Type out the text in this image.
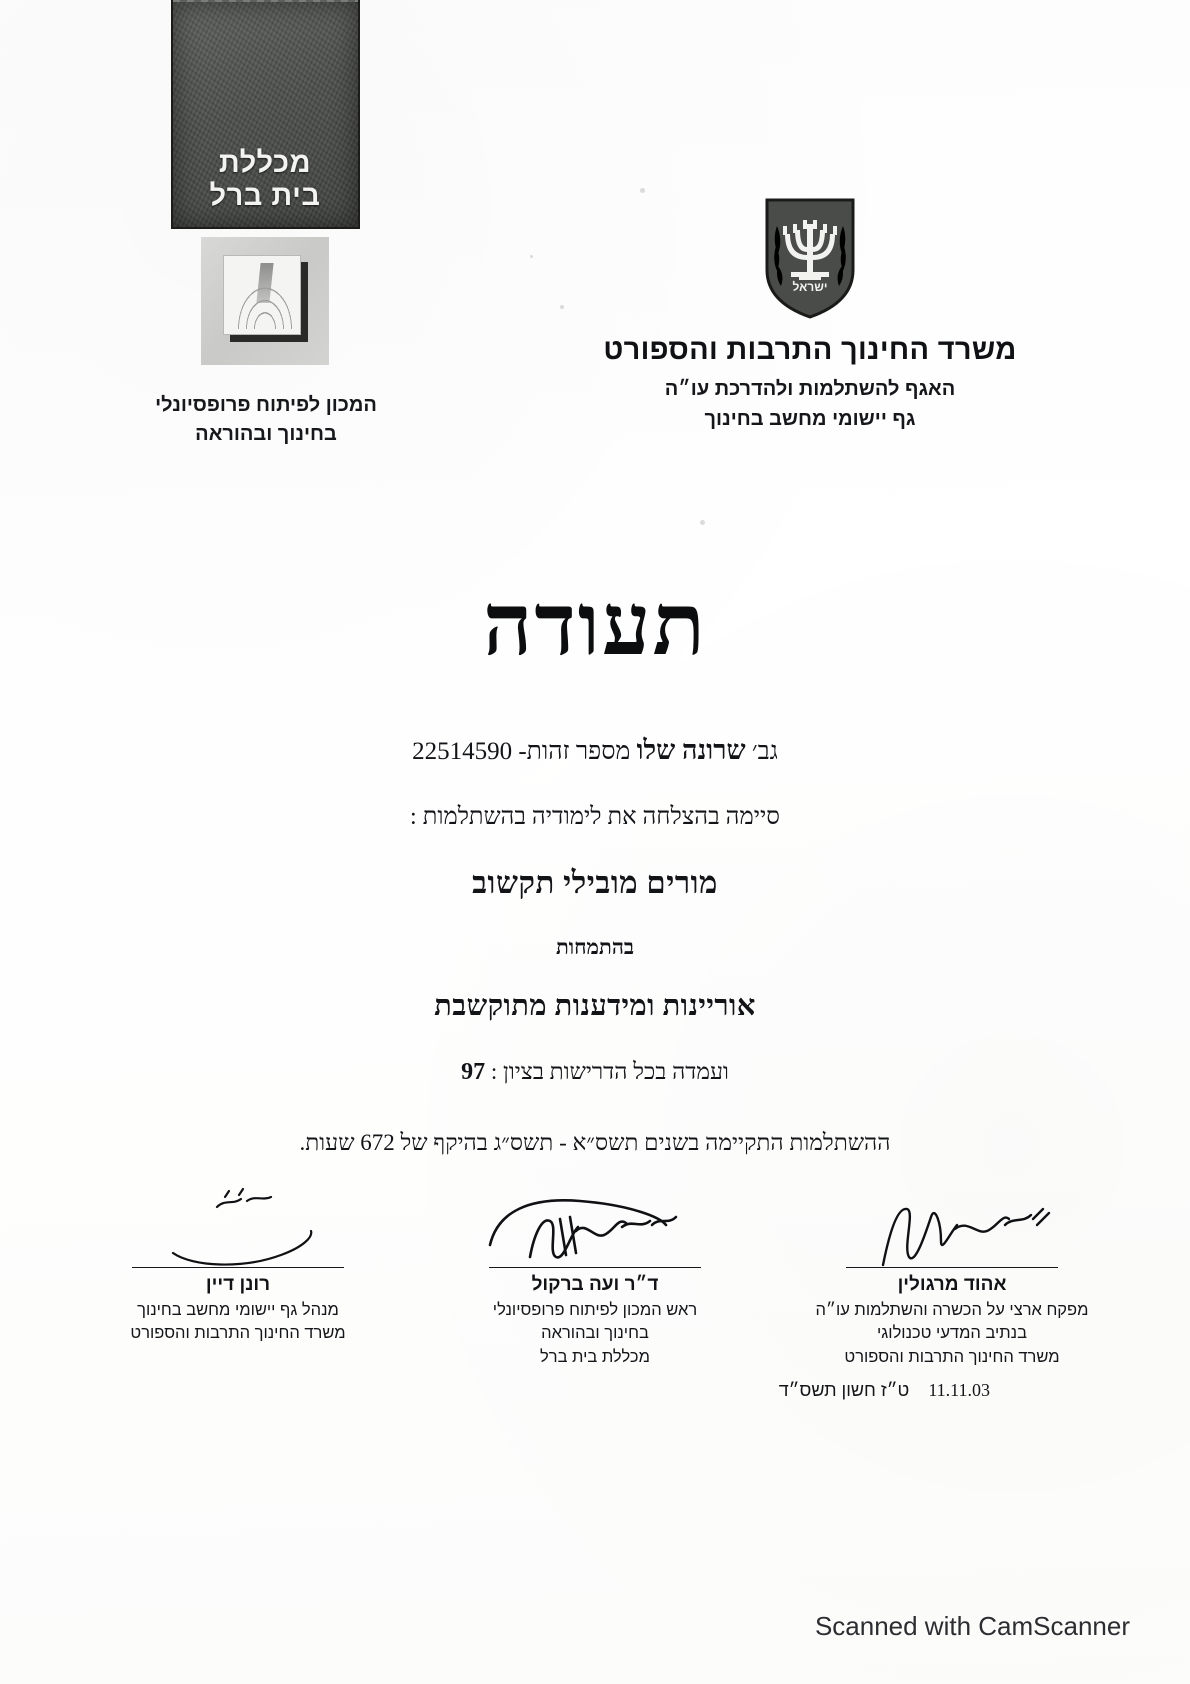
מכללת
בית ברל
המכון לפיתוח פרופסיונלי
בחינוך ובהוראה
ישראל
משרד החינוך התרבות והספורט
האגף להשתלמות ולהדרכת עו״ה
גף יישומי מחשב בחינוך
תעודה

גב׳ שרונה שלו מספר זהות- 22514590

סיימה בהצלחה את לימודיה בהשתלמות :

מורים מובילי תקשוב

בהתמחות

אוריינות ומידענות מתוקשבת

ועמדה בכל הדרישות בציון : 97

ההשתלמות התקיימה בשנים תשס״א - תשס״ג בהיקף של 672 שעות.

אהוד מרגולין
מפקח ארצי על הכשרה והשתלמות עו״ה
בנתיב המדעי טכנולוגי
משרד החינוך התרבות והספורט
ד״ר ועה ברקול
ראש המכון לפיתוח פרופסיונלי
בחינוך ובהוראה
מכללת בית ברל
רונן דיין
מנהל גף יישומי מחשב בחינוך
משרד החינוך התרבות והספורט
11.11.03 ט״ז חשון תשס״ד
Scanned with CamScanner
